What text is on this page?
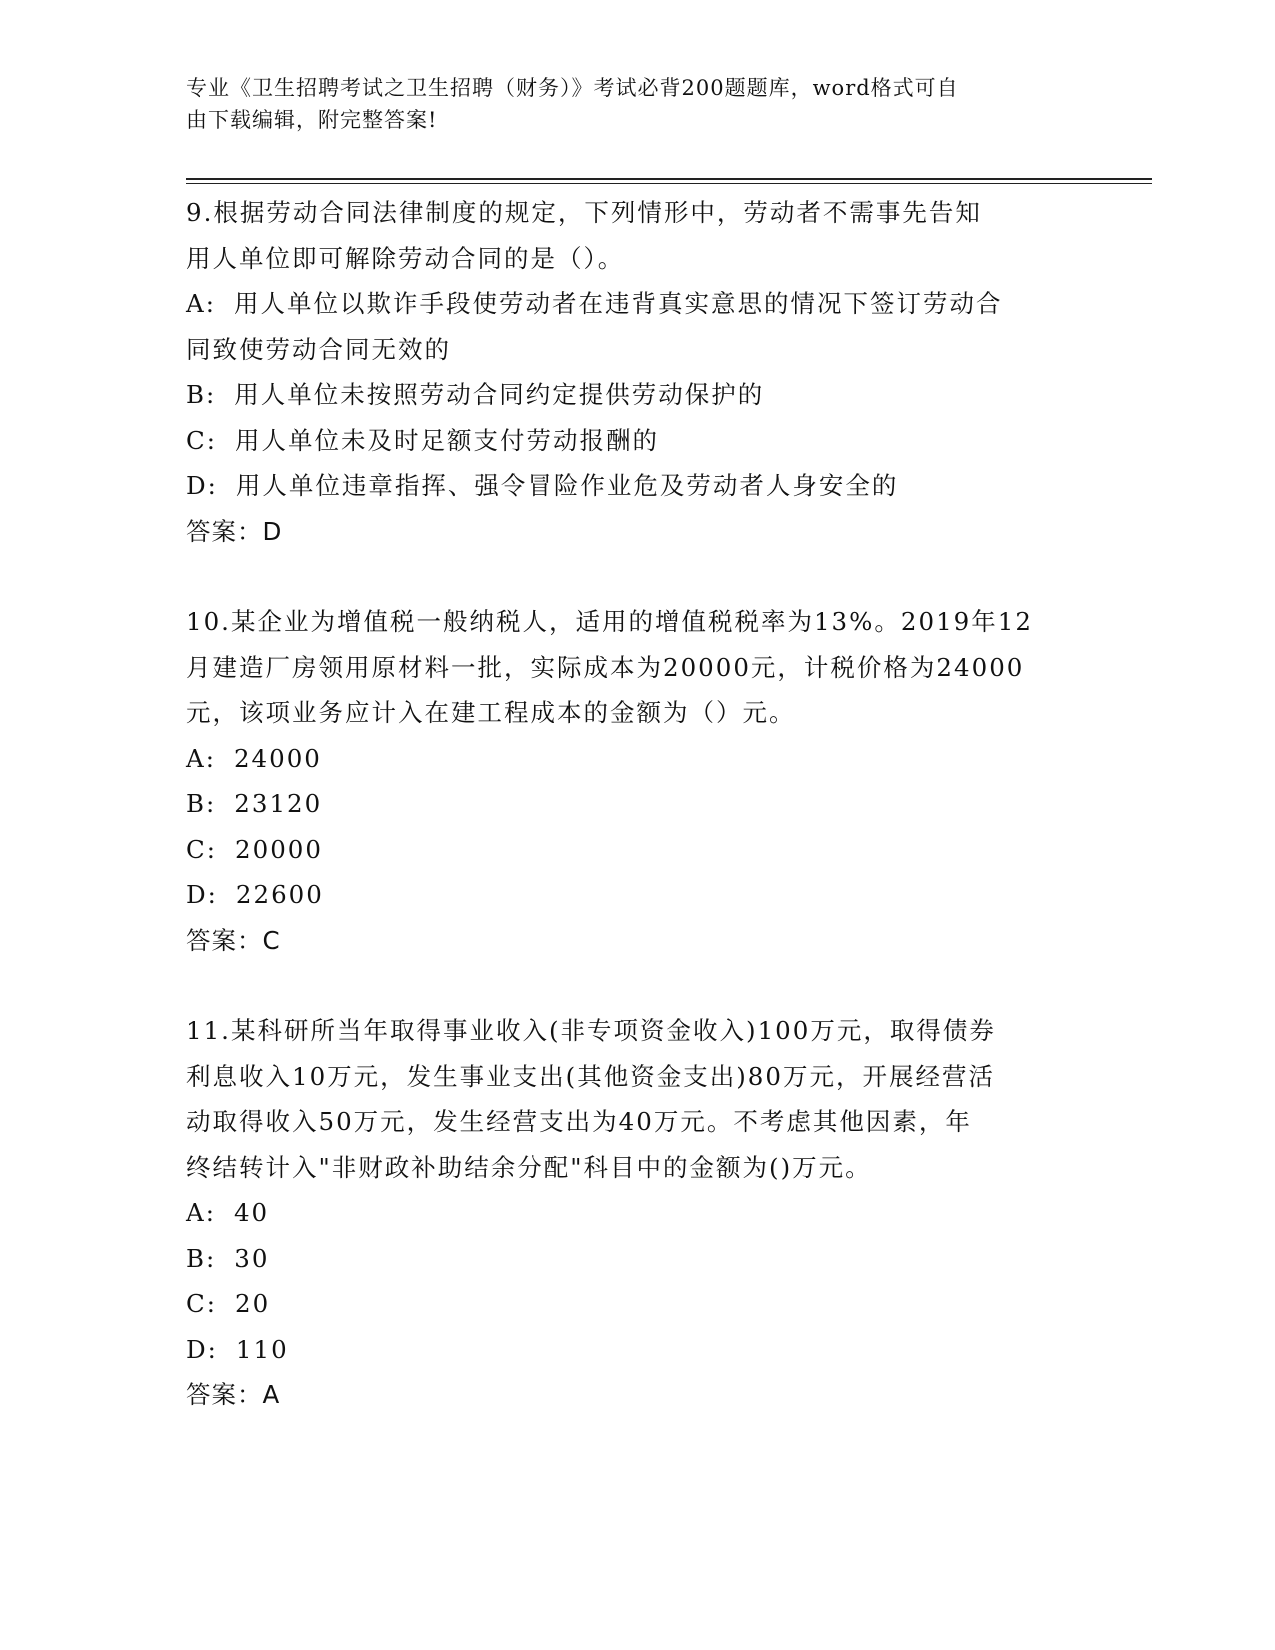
专业《卫生招聘考试之卫生招聘（财务）》考试必背200题题库，word格式可自
由下载编辑，附完整答案!
9.根据劳动合同法律制度的规定，下列情形中，劳动者不需事先告知
用人单位即可解除劳动合同的是（）。
A: 用人单位以欺诈手段使劳动者在违背真实意思的情况下签订劳动合
同致使劳动合同无效的
B: 用人单位未按照劳动合同约定提供劳动保护的
C: 用人单位未及时足额支付劳动报酬的
D: 用人单位违章指挥、强令冒险作业危及劳动者人身安全的
答案：D
10.某企业为增值税一般纳税人，适用的增值税税率为13%。2019年12
月建造厂房领用原材料一批，实际成本为20000元，计税价格为24000
元，该项业务应计入在建工程成本的金额为（）元。
A: 24000
B: 23120
C: 20000
D: 22600
答案：C
11.某科研所当年取得事业收入(非专项资金收入)100万元，取得债券
利息收入10万元，发生事业支出(其他资金支出)80万元，开展经营活
动取得收入50万元，发生经营支出为40万元。不考虑其他因素，年
终结转计入"非财政补助结余分配"科目中的金额为()万元。
A: 40
B: 30
C: 20
D: 110
答案：A
